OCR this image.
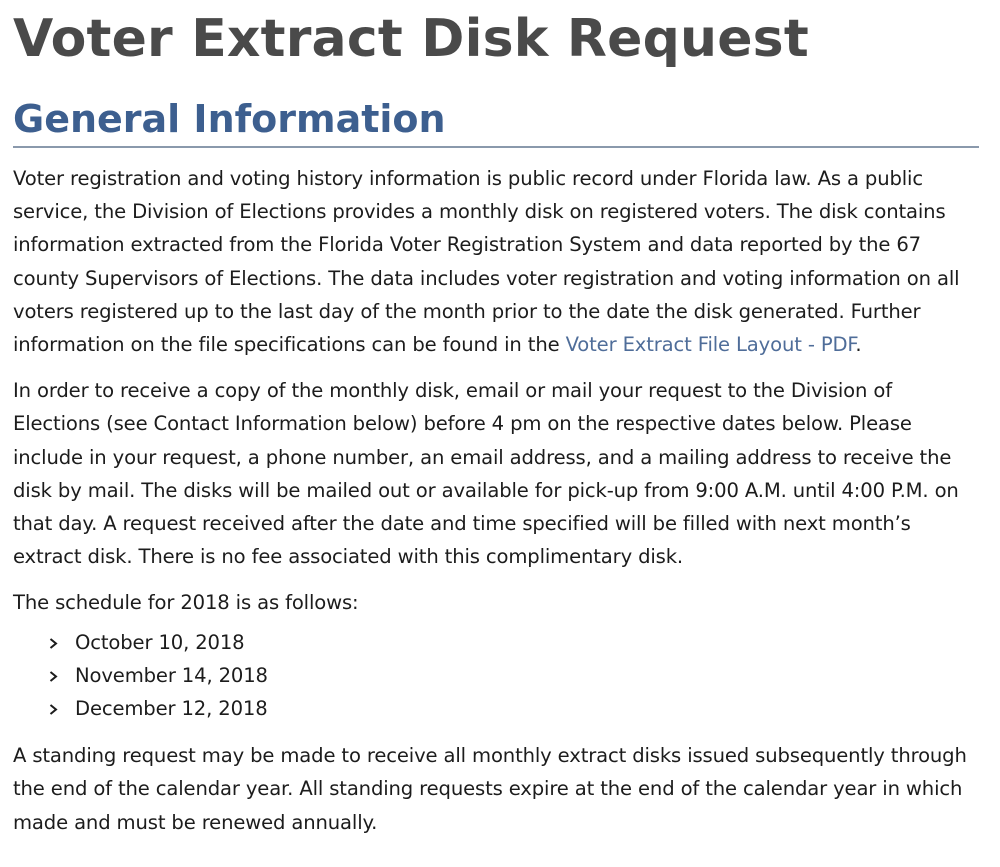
Voter Extract Disk Request
General Information

Voter registration and voting history information is public record under Florida law. As a public service, the Division of Elections provides a monthly disk on registered voters. The disk contains information extracted from the Florida Voter Registration System and data reported by the 67 county Supervisors of Elections. The data includes voter registration and voting information on all voters registered up to the last day of the month prior to the date the disk generated. Further information on the file specifications can be found in the Voter Extract File Layout - PDF.

In order to receive a copy of the monthly disk, email or mail your request to the Division of Elections (see Contact Information below) before 4 pm on the respective dates below. Please include in your request, a phone number, an email address, and a mailing address to receive the disk by mail. The disks will be mailed out or available for pick-up from 9:00 A.M. until 4:00 P.M. on that day. A request received after the date and time specified will be filled with next month’s extract disk. There is no fee associated with this complimentary disk.

The schedule for 2018 is as follows:

October 10, 2018
November 14, 2018
December 12, 2018

A standing request may be made to receive all monthly extract disks issued subsequently through the end of the calendar year. All standing requests expire at the end of the calendar year in which made and must be renewed annually.
